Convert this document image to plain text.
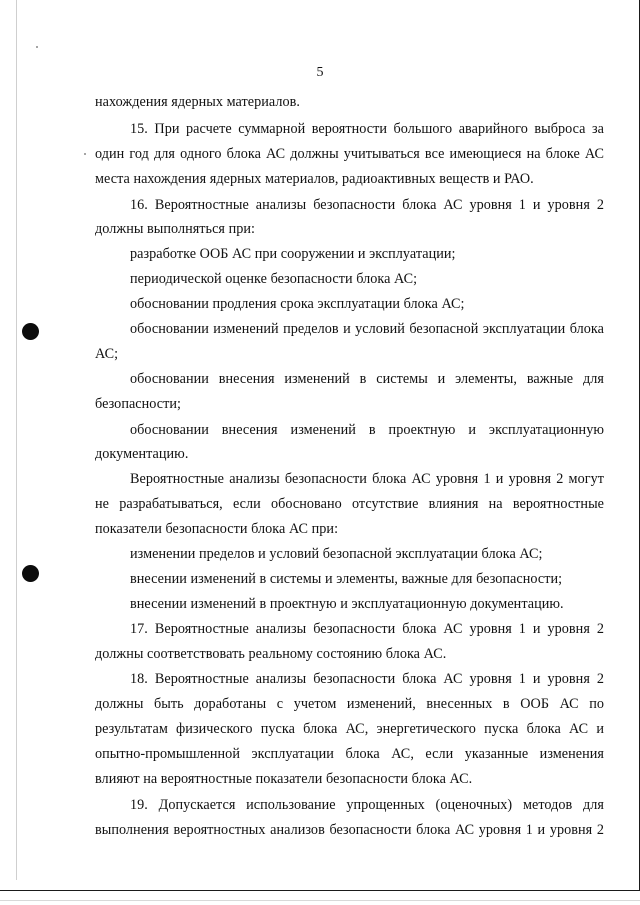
5
нахождения ядерных материалов.
15. При расчете суммарной вероятности большого аварийного выброса за
один год для одного блока АС должны учитываться все имеющиеся на блоке АС
места нахождения ядерных материалов, радиоактивных веществ и РАО.
16. Вероятностные анализы безопасности блока АС уровня 1 и уровня 2
должны выполняться при:
разработке ООБ АС при сооружении и эксплуатации;
периодической оценке безопасности блока АС;
обосновании продления срока эксплуатации блока АС;
обосновании изменений пределов и условий безопасной эксплуатации блока
АС;
обосновании внесения изменений в системы и элементы, важные для
безопасности;
обосновании внесения изменений в проектную и эксплуатационную
документацию.
Вероятностные анализы безопасности блока АС уровня 1 и уровня 2 могут
не разрабатываться, если обосновано отсутствие влияния на вероятностные
показатели безопасности блока АС при:
изменении пределов и условий безопасной эксплуатации блока АС;
внесении изменений в системы и элементы, важные для безопасности;
внесении изменений в проектную и эксплуатационную документацию.
17. Вероятностные анализы безопасности блока АС уровня 1 и уровня 2
должны соответствовать реальному состоянию блока АС.
18. Вероятностные анализы безопасности блока АС уровня 1 и уровня 2
должны быть доработаны с учетом изменений, внесенных в ООБ АС по
результатам физического пуска блока АС, энергетического пуска блока АС и
опытно-промышленной эксплуатации блока АС, если указанные изменения
влияют на вероятностные показатели безопасности блока АС.
19. Допускается использование упрощенных (оценочных) методов для
выполнения вероятностных анализов безопасности блока АС уровня 1 и уровня 2
